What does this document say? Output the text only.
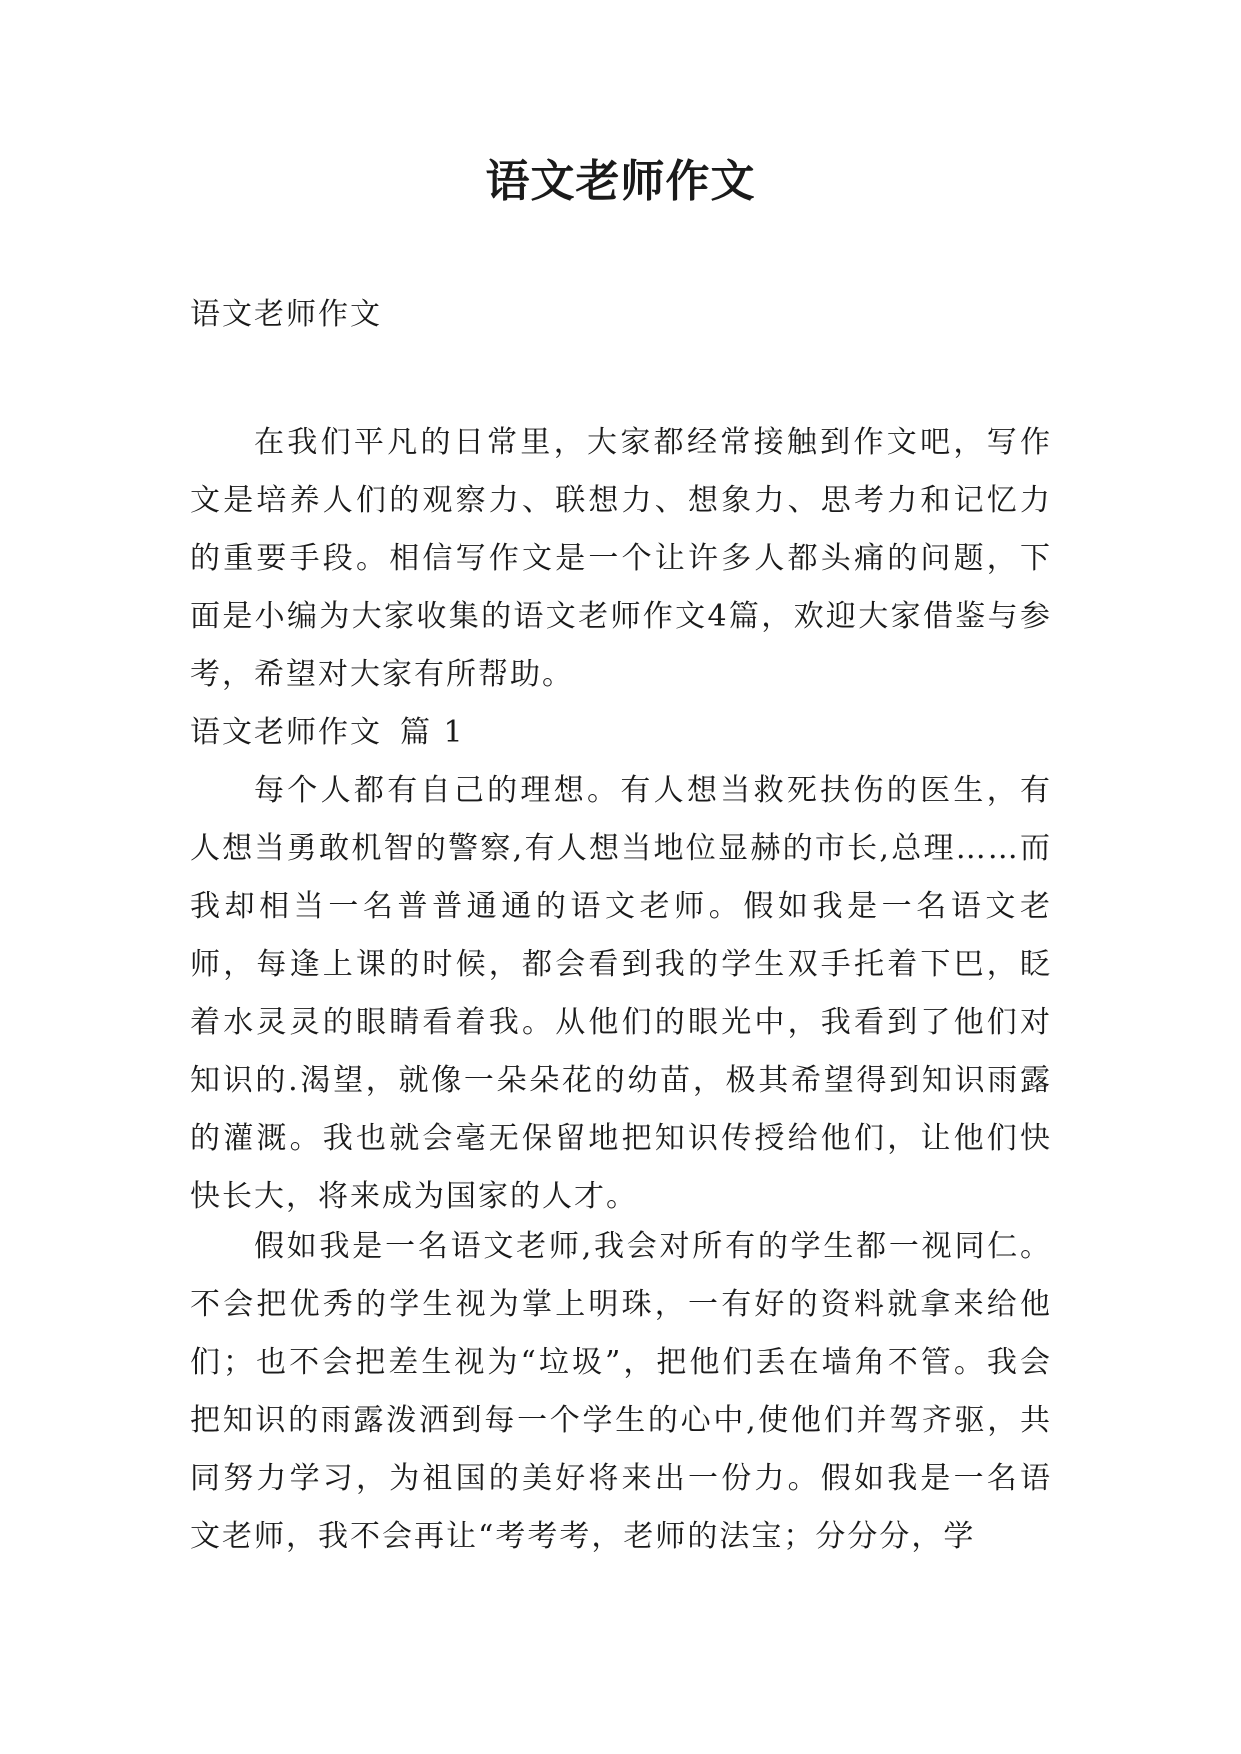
语文老师作文
语文老师作文
在我们平凡的日常里，大家都经常接触到作文吧，写作文是培养人们的观察力、联想力、想象力、思考力和记忆力的重要手段。相信写作文是一个让许多人都头痛的问题，下面是小编为大家收集的语文老师作文4篇，欢迎大家借鉴与参考，希望对大家有所帮助。
语文老师作文 篇 1
每个人都有自己的理想。有人想当救死扶伤的医生，有人想当勇敢机智的警察,有人想当地位显赫的市长,总理……而我却相当一名普普通通的语文老师。假如我是一名语文老师，每逢上课的时候，都会看到我的学生双手托着下巴，眨着水灵灵的眼睛看着我。从他们的眼光中，我看到了他们对知识的.渴望，就像一朵朵花的幼苗，极其希望得到知识雨露的灌溉。我也就会毫无保留地把知识传授给他们，让他们快快长大，将来成为国家的人才。
假如我是一名语文老师,我会对所有的学生都一视同仁。不会把优秀的学生视为掌上明珠，一有好的资料就拿来给他们；也不会把差生视为“垃圾”，把他们丢在墙角不管。我会把知识的雨露泼洒到每一个学生的心中,使他们并驾齐驱，共同努力学习，为祖国的美好将来出一份力。假如我是一名语文老师，我不会再让“考考考，老师的法宝；分分分，学
